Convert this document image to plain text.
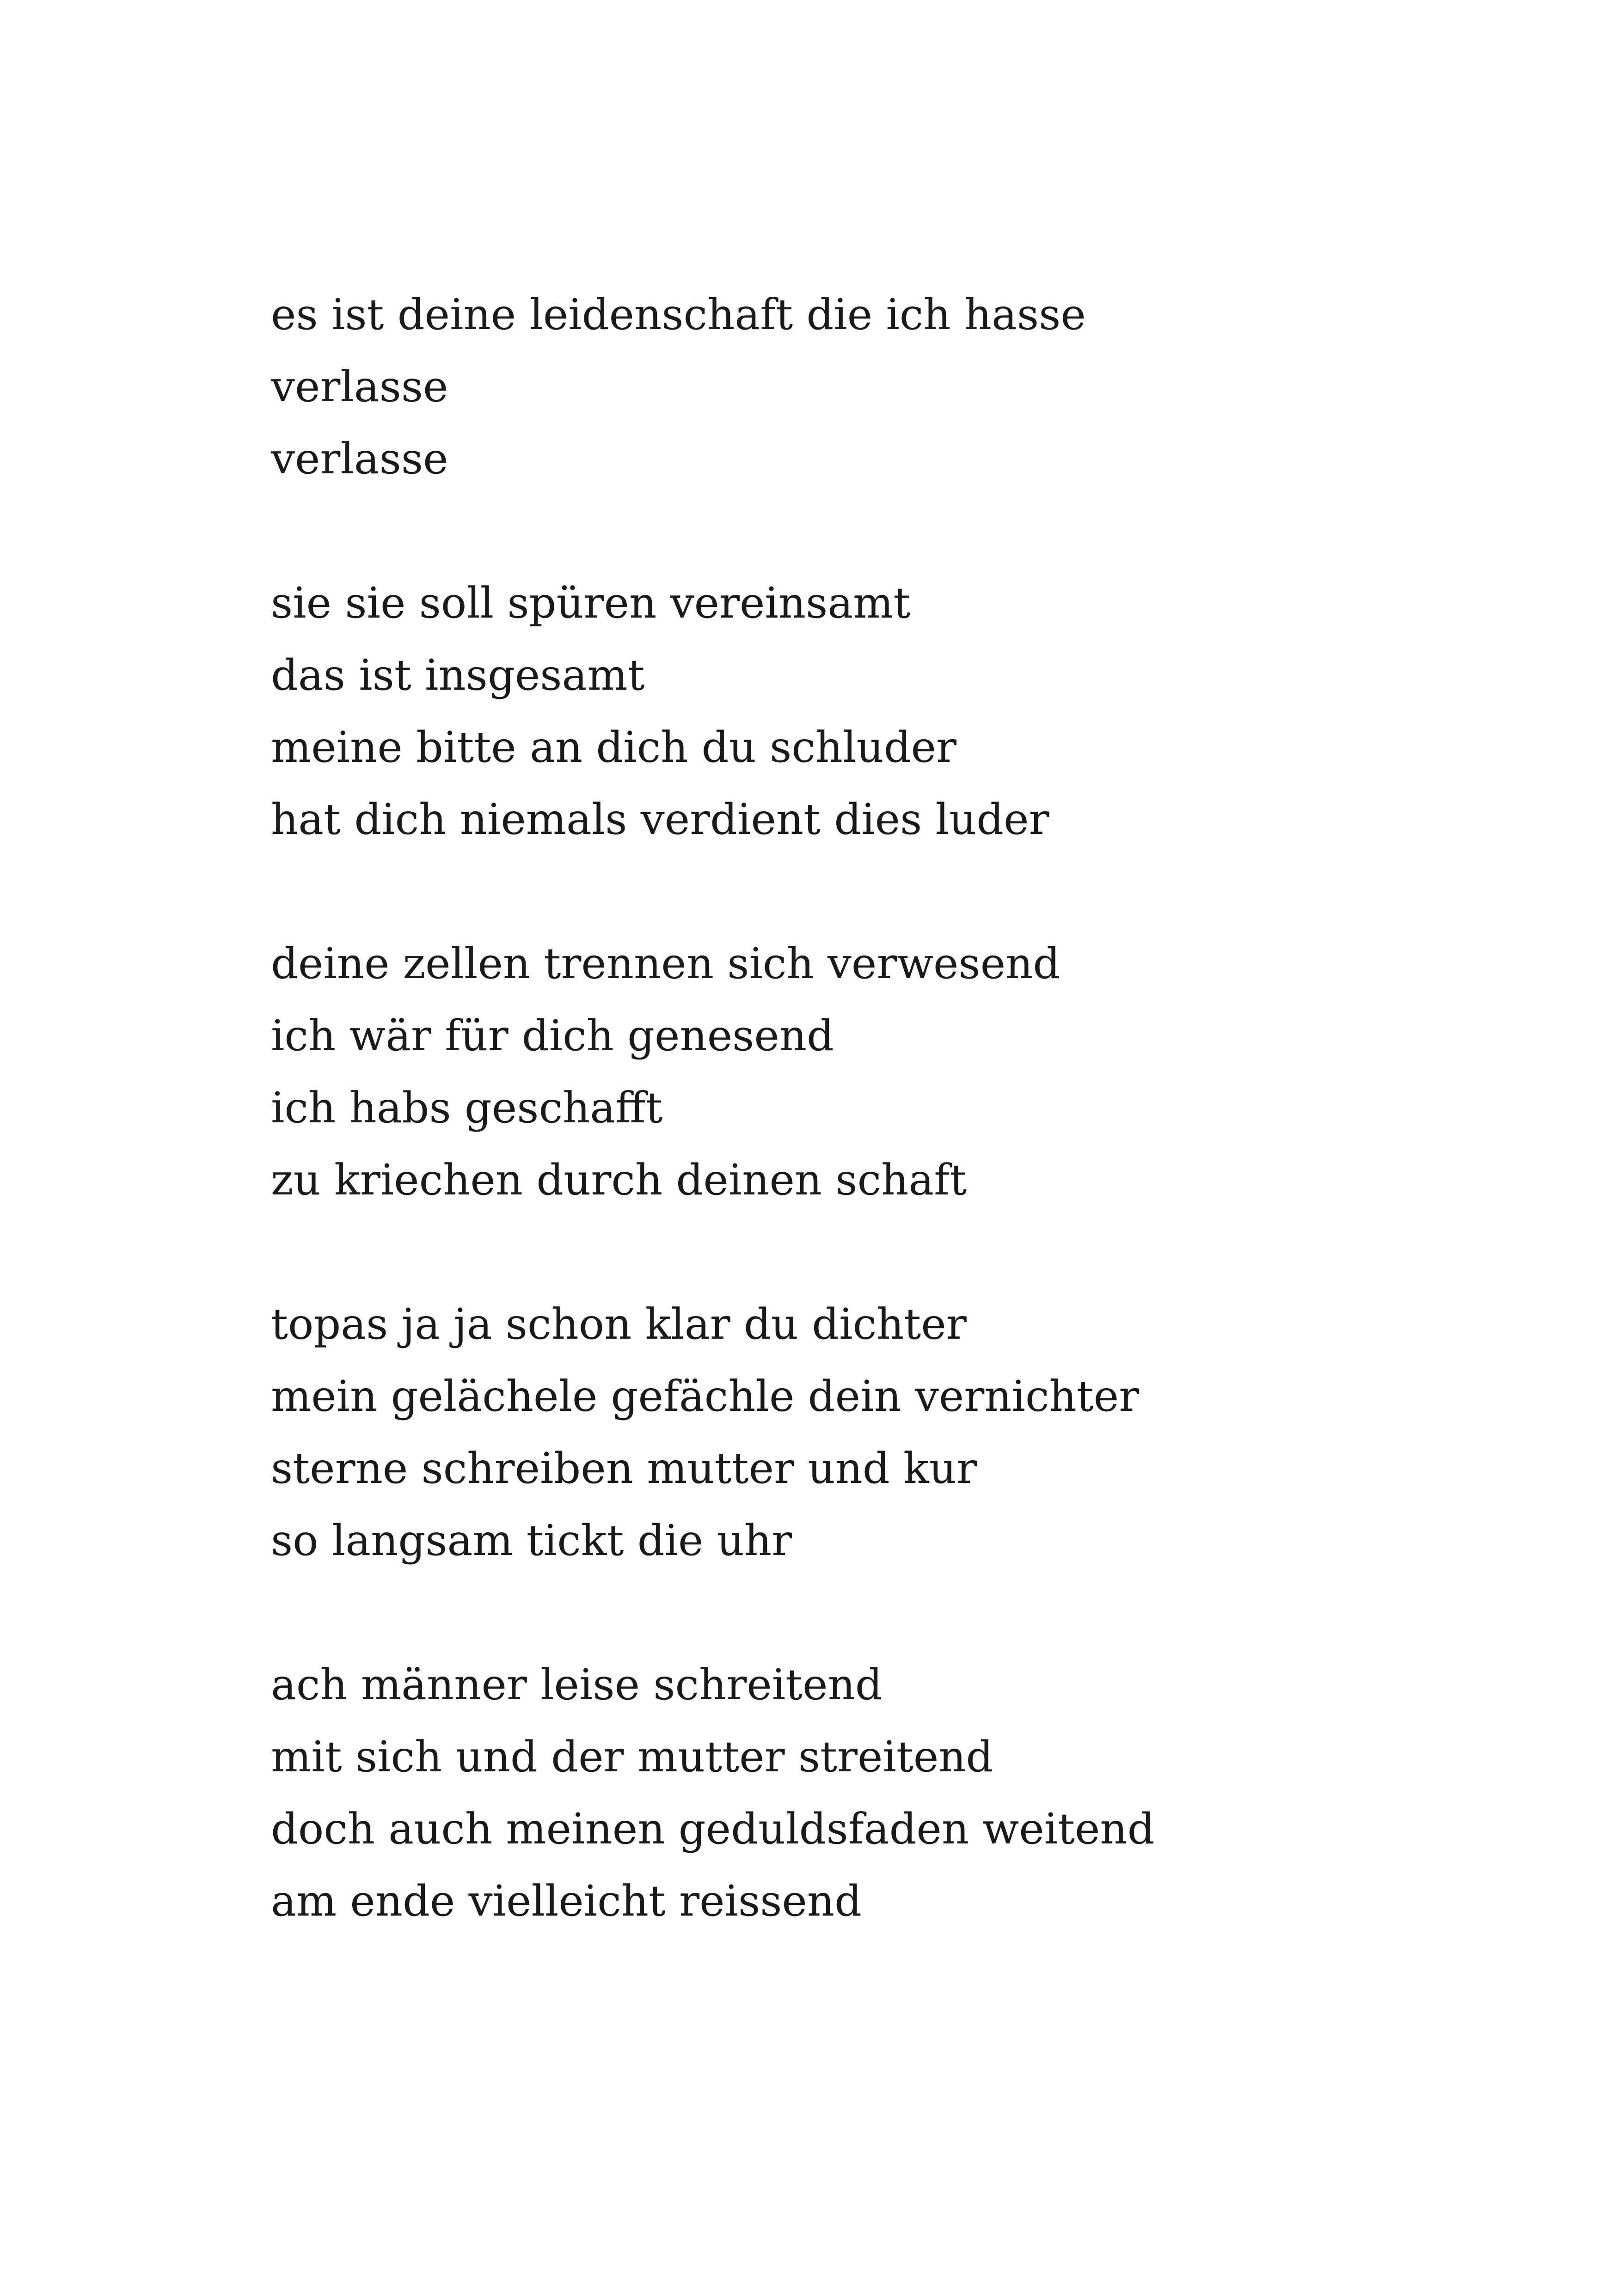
es ist deine leidenschaft die ich hasse
verlasse
verlasse
sie sie soll spüren vereinsamt
das ist insgesamt
meine bitte an dich du schluder
hat dich niemals verdient dies luder
deine zellen trennen sich verwesend
ich wär für dich genesend
ich habs geschafft
zu kriechen durch deinen schaft
topas ja ja schon klar du dichter
mein gelächele gefächle dein vernichter
sterne schreiben mutter und kur
so langsam tickt die uhr
ach männer leise schreitend
mit sich und der mutter streitend
doch auch meinen geduldsfaden weitend
am ende vielleicht reissend
